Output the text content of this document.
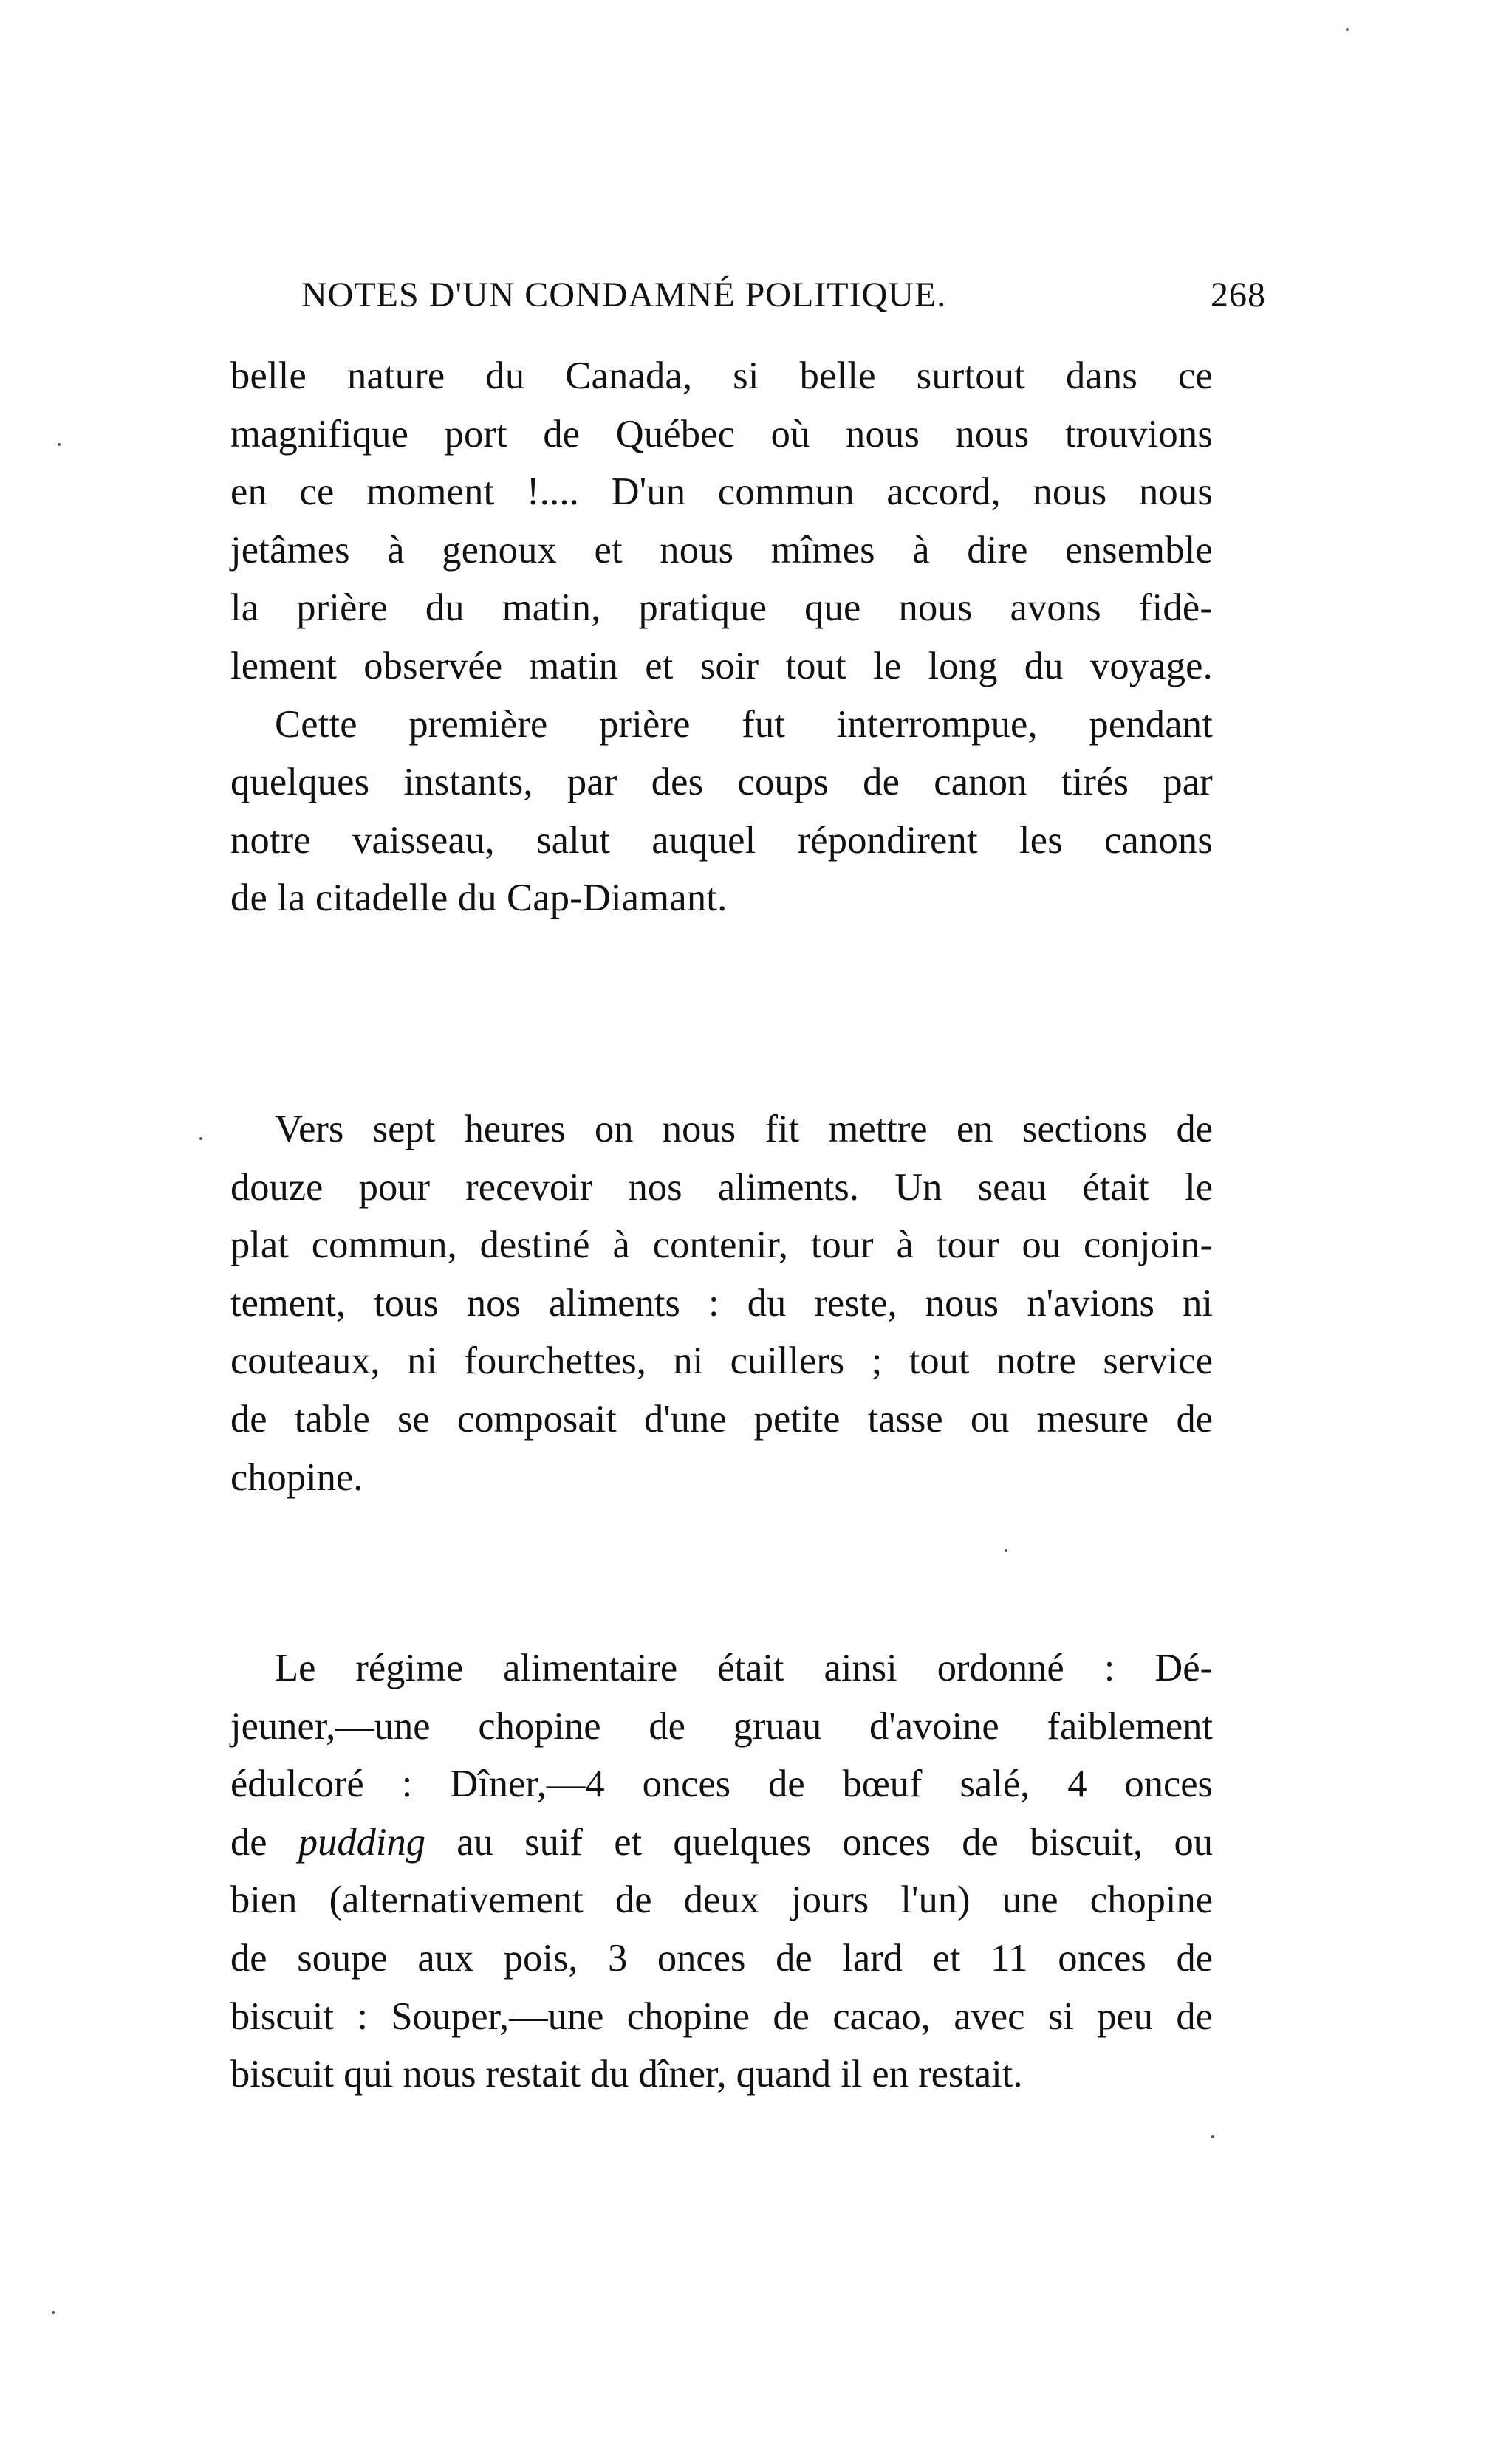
NOTES D'UN CONDAMNÉ POLITIQUE.	268
belle nature du Canada, si belle surtout dans ce
magnifique port de Québec où nous nous trouvions
en ce moment !.... D'un commun accord, nous nous
jetâmes à genoux et nous mîmes à dire ensemble
la prière du matin, pratique que nous avons fidè-
lement observée matin et soir tout le long du voyage.
Cette première prière fut interrompue, pendant
quelques instants, par des coups de canon tirés par
notre vaisseau, salut auquel répondirent les canons
de la citadelle du Cap-Diamant.
Vers sept heures on nous fit mettre en sections de
douze pour recevoir nos aliments. Un seau était le
plat commun, destiné à contenir, tour à tour ou conjoin-
tement, tous nos aliments : du reste, nous n'avions ni
couteaux, ni fourchettes, ni cuillers ; tout notre service
de table se composait d'une petite tasse ou mesure de
chopine.
Le régime alimentaire était ainsi ordonné : Dé-
jeuner,—une chopine de gruau d'avoine faiblement
édulcoré : Dîner,—4 onces de bœuf salé, 4 onces
de pudding au suif et quelques onces de biscuit, ou
bien (alternativement de deux jours l'un) une chopine
de soupe aux pois, 3 onces de lard et 11 onces de
biscuit : Souper,—une chopine de cacao, avec si peu de
biscuit qui nous restait du dîner, quand il en restait.
